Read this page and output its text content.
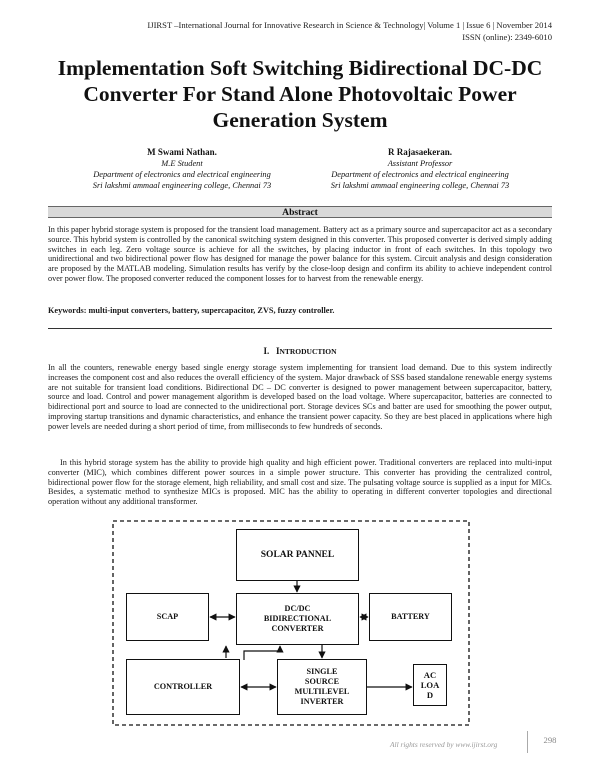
IJIRST –International Journal for Innovative Research in Science & Technology| Volume 1 | Issue 6 | November 2014
ISSN (online): 2349-6010
Implementation Soft Switching Bidirectional DC-DC Converter For Stand Alone Photovoltaic Power Generation System
M Swami Nathan.
M.E Student
Department of electronics and electrical engineering
Sri lakshmi ammaal engineering college, Chennai 73
R Rajasaekeran.
Assistant Professor
Department of electronics and electrical engineering
Sri lakshmi ammaal engineering college, Chennai 73
Abstract
In this paper hybrid storage system is proposed for the transient load management. Battery act as a primary source and supercapacitor act as a secondary source. This hybrid system is controlled by the canonical switching system designed in this converter. This proposed converter is derived simply adding switches in each leg. Zero voltage source is achieve for all the switches, by placing inductor in front of each switches. In this topology two unidirectional and two bidirectional power flow has designed for manage the power balance for this system. Circuit analysis and design consideration are proposed by the MATLAB modeling. Simulation results has verify by the close-loop design and confirm its ability to achieve independent control over power flow. The proposed converter reduced the component losses for to harvest from the renewable energy.
Keywords: multi-input converters, battery, supercapacitor, ZVS, fuzzy controller.
I. INTRODUCTION
In all the counters, renewable energy based single energy storage system implementing for transient load demand. Due to this system indirectly increases the component cost and also reduces the overall efficiency of the system. Major drawback of SSS based standalone renewable energy systems are not suitable for transient load conditions. Bidirectional DC – DC converter is designed to power management between supercapacitor, battery, source and load. Control and power management algorithm is developed based on the load voltage. Where supercapacitor, batteries are connected to bidirectional port and source to load are connected to the unidirectional port. Storage devices SCs and batter are used for smoothing the power output, improving startup transitions and dynamic characteristics, and enhance the transient power capacity. So they are best placed in applications where high power levels are needed during a short period of time, from milliseconds to few hundreds of seconds.
In this hybrid storage system has the ability to provide high quality and high efficient power. Traditional converters are replaced into multi-input converter (MIC), which combines different power sources in a simple power structure. This converter has providing the centralized control, bidirectional power flow for the storage element, high reliability, and small cost and size. The pulsating voltage source is supplied as a input for MICs. Besides, a systematic method to synthesize MICs is proposed. MIC has the ability to operating in different converter topologies and directional operation without any additional transformer.
SOLAR PANNEL
SCAP
DC/DC
BIDIRECTIONAL
CONVERTER
BATTERY
CONTROLLER
SINGLE
SOURCE
MULTILEVEL
INVERTER
AC
LOA
D
All rights reserved by www.ijirst.org	298
